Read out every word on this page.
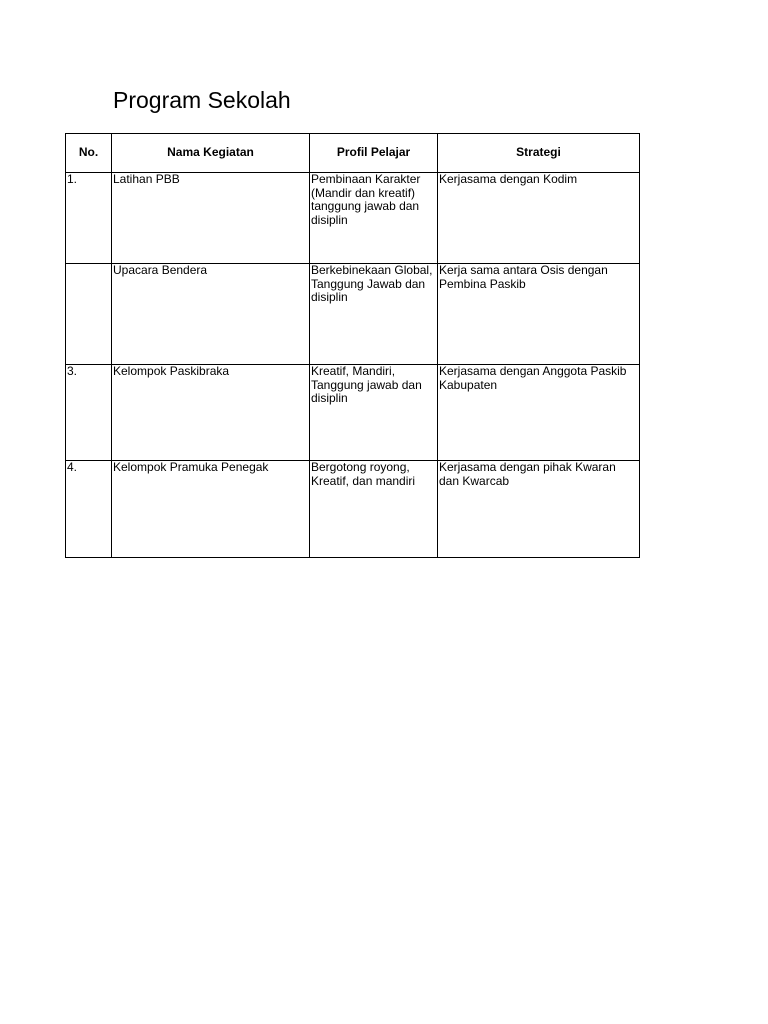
Program Sekolah
No.	Nama Kegiatan	Profil Pelajar	Strategi
1.	Latihan PBB	Pembinaan Karakter (Mandir dan kreatif) tanggung jawab dan disiplin	Kerjasama dengan Kodim
	Upacara Bendera	Berkebinekaan Global, Tanggung Jawab dan disiplin	Kerja sama antara Osis dengan Pembina Paskib
3.	Kelompok Paskibraka	Kreatif, Mandiri, Tanggung jawab dan disiplin	Kerjasama dengan Anggota Paskib Kabupaten
4.	Kelompok Pramuka Penegak	Bergotong royong, Kreatif, dan mandiri	Kerjasama dengan pihak Kwaran dan Kwarcab
